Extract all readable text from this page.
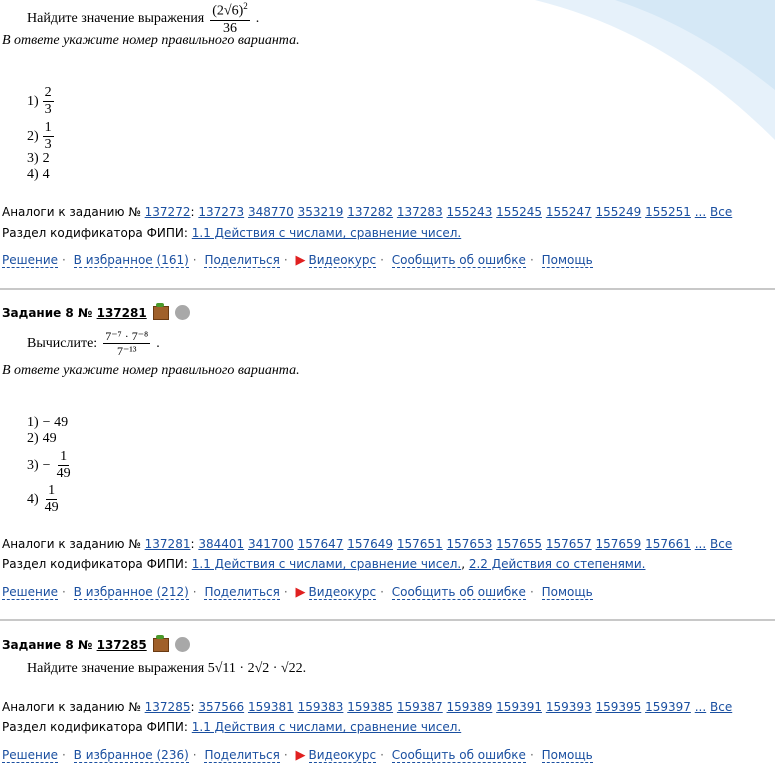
Найдите значение выражения $\frac{(2√6)^2}{36}$ .
В ответе укажите номер правильного варианта.
$1) \frac{2}{3}$
$2) \frac{1}{3}$
3) 2
4) 4
Аналоги к заданию № 137272: 137273 348770 353219 137282 137283 155243 155245 155247 155249 155251 ... Все
Раздел кодификатора ФИПИ: 1.1 Действия с числами, сравнение чисел.
Решение · В избранное (161) · Поделиться · ▶ Видеокурс · Сообщить об ошибке · Помощь
Задание 8 № 137281
Вычислите: $\frac{\text{7⁻⁷ · 7⁻⁸}}{\text{7⁻¹³}}$ .
В ответе укажите номер правильного варианта.
1) − 49
2) 49
$3) - \frac{1}{49}$
$4) \frac{1}{49}$
Аналоги к заданию № 137281: 384401 341700 157647 157649 157651 157653 157655 157657 157659 157661 ... Все
Раздел кодификатора ФИПИ: 1.1 Действия с числами, сравнение чисел., 2.2 Действия со степенями.
Решение · В избранное (212) · Поделиться · ▶ Видеокурс · Сообщить об ошибке · Помощь
Задание 8 № 137285
Найдите значение выражения 5√11 · 2√2 · √22.
Аналоги к заданию № 137285: 357566 159381 159383 159385 159387 159389 159391 159393 159395 159397 ... Все
Раздел кодификатора ФИПИ: 1.1 Действия с числами, сравнение чисел.
Решение · В избранное (236) · Поделиться · ▶ Видеокурс · Сообщить об ошибке · Помощь
